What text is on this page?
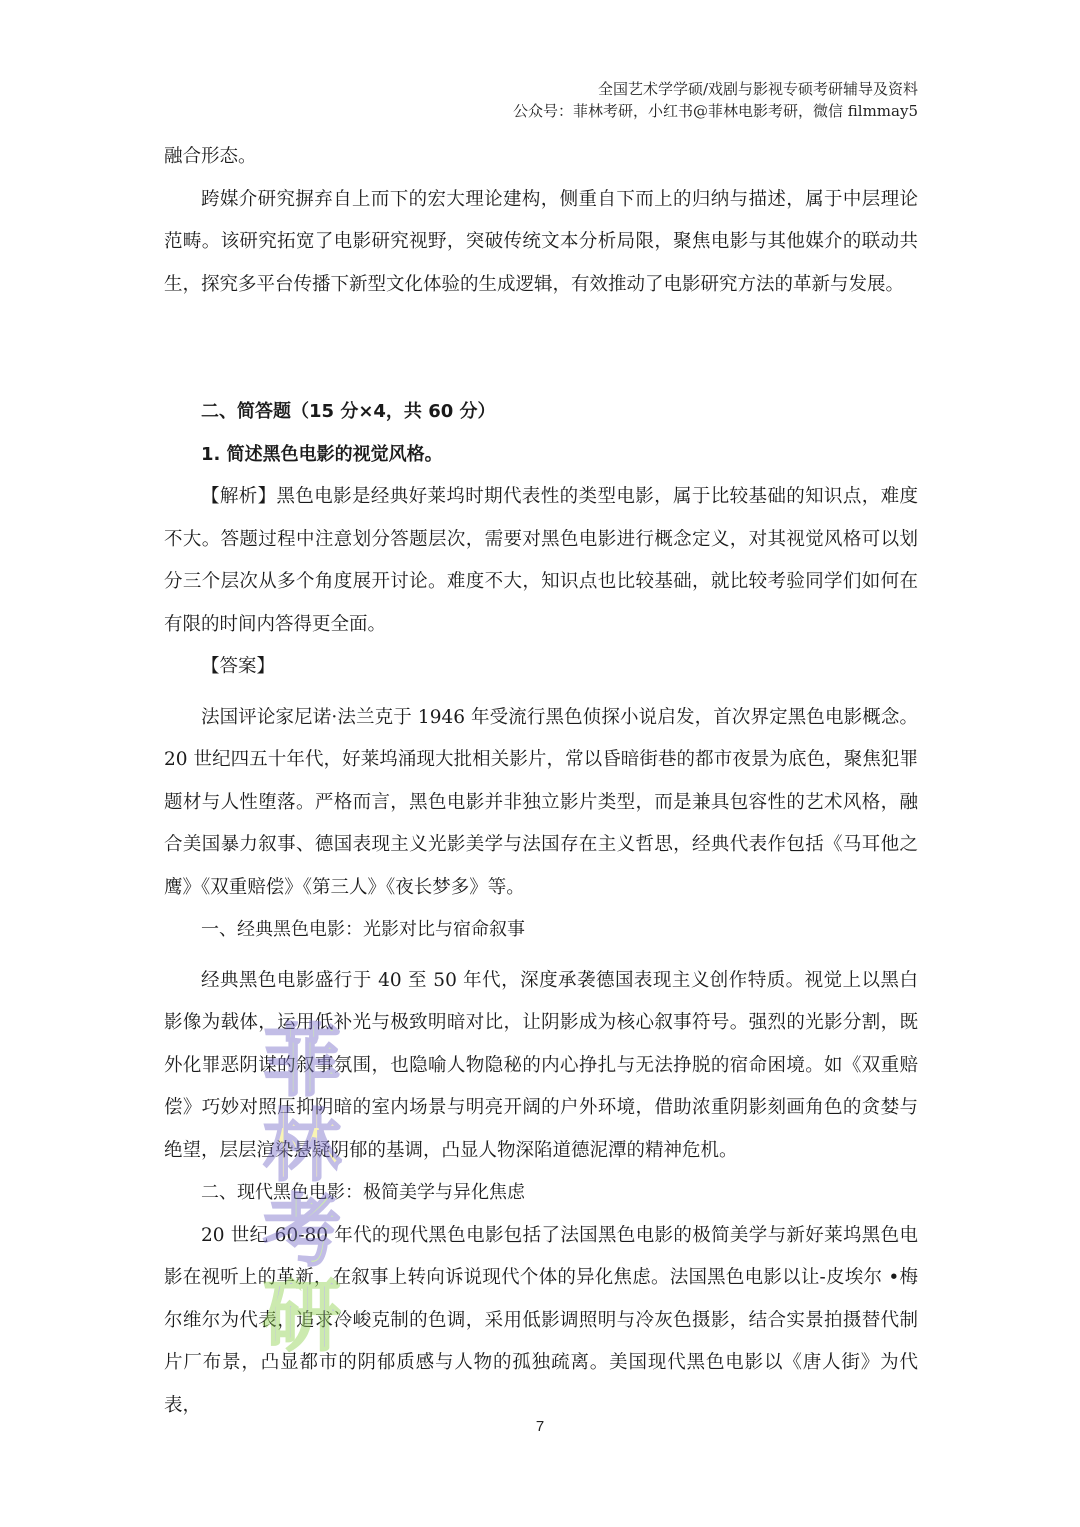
全国艺术学学硕/戏剧与影视专硕考研辅导及资料
公众号：菲林考研，小红书@菲林电影考研，微信 filmmay5

融合形态。

跨媒介研究摒弃自上而下的宏大理论建构，侧重自下而上的归纳与描述，属于中层理论范畴。该研究拓宽了电影研究视野，突破传统文本分析局限，聚焦电影与其他媒介的联动共生，探究多平台传播下新型文化体验的生成逻辑，有效推动了电影研究方法的革新与发展。

二、简答题（15 分×4，共 60 分）

1. 简述黑色电影的视觉风格。

【解析】黑色电影是经典好莱坞时期代表性的类型电影，属于比较基础的知识点，难度不大。答题过程中注意划分答题层次，需要对黑色电影进行概念定义，对其视觉风格可以划分三个层次从多个角度展开讨论。难度不大，知识点也比较基础，就比较考验同学们如何在有限的时间内答得更全面。

【答案】

法国评论家尼诺·法兰克于 1946 年受流行黑色侦探小说启发，首次界定黑色电影概念。20 世纪四五十年代，好莱坞涌现大批相关影片，常以昏暗街巷的都市夜景为底色，聚焦犯罪题材与人性堕落。严格而言，黑色电影并非独立影片类型，而是兼具包容性的艺术风格，融合美国暴力叙事、德国表现主义光影美学与法国存在主义哲思，经典代表作包括《马耳他之鹰》《双重赔偿》《第三人》《夜长梦多》等。

一、经典黑色电影：光影对比与宿命叙事

经典黑色电影盛行于 40 至 50 年代，深度承袭德国表现主义创作特质。视觉上以黑白影像为载体，运用低补光与极致明暗对比，让阴影成为核心叙事符号。强烈的光影分割，既外化罪恶阴谋的叙事氛围，也隐喻人物隐秘的内心挣扎与无法挣脱的宿命困境。如《双重赔偿》巧妙对照压抑阴暗的室内场景与明亮开阔的户外环境，借助浓重阴影刻画角色的贪婪与绝望，层层渲染悬疑阴郁的基调，凸显人物深陷道德泥潭的精神危机。

二、现代黑色电影：极简美学与异化焦虑

20 世纪 60-80 年代的现代黑色电影包括了法国黑色电影的极简美学与新好莱坞黑色电影在视听上的革新，在叙事上转向诉说现代个体的异化焦虑。法国黑色电影以让-皮埃尔 •梅尔维尔为代表，追求冷峻克制的色调，采用低影调照明与冷灰色摄影，结合实景拍摄替代制片厂布景，凸显都市的阴郁质感与人物的孤独疏离。美国现代黑色电影以《唐人街》为代表，

菲
林
考
研
7
